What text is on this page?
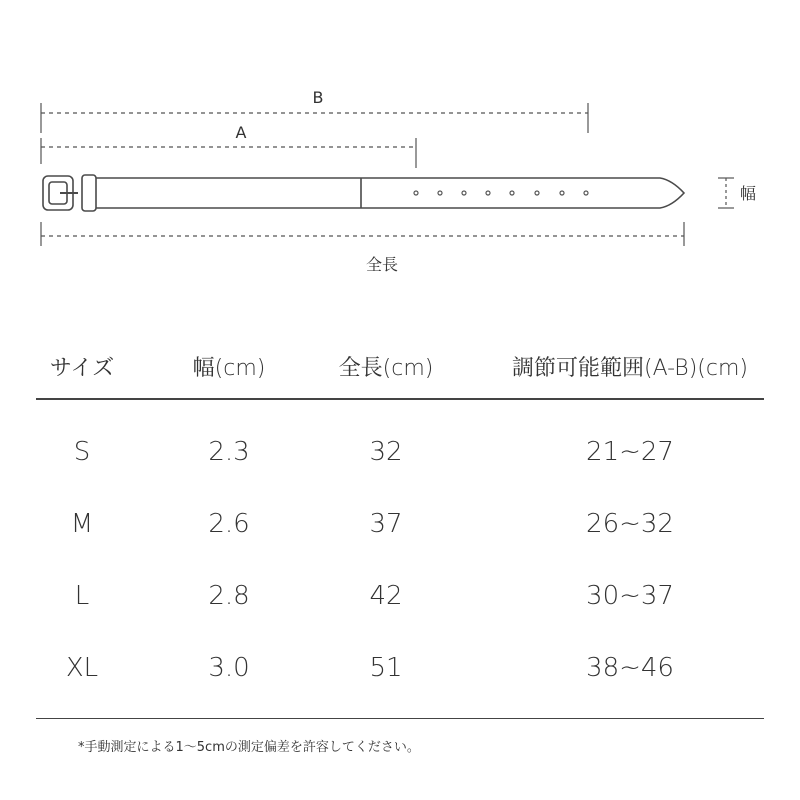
B
A
幅
全長
サイズ	幅(cm)	全長(cm)	調節可能範囲(A-B)(cm)
S	2.3	32	21~27
M	2.6	37	26~32
L	2.8	42	30~37
XL	3.0	51	38~46
*手動測定による1〜5cmの測定偏差を許容してください。
